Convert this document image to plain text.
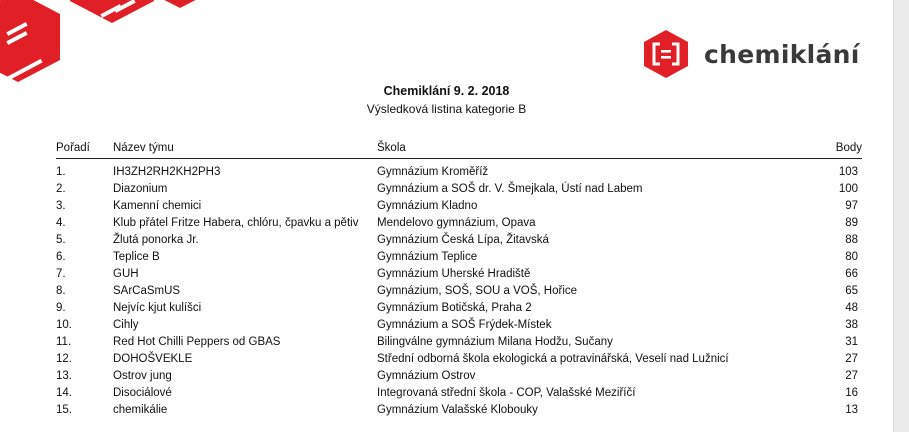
chemiklání
Chemiklání 9. 2. 2018
Výsledková listina kategorie B
Pořadí	Název týmu	Škola	Body
1.	IH3ZH2RH2KH2PH3	Gymnázium Kroměříž	103
2.	Diazonium	Gymnázium a SOŠ dr. V. Šmejkala, Ústí nad Labem	100
3.	Kamenní chemici	Gymnázium Kladno	97
4.	Klub přátel Fritze Habera, chlóru, čpavku a pětiv	Mendelovo gymnázium, Opava	89
5.	Žlutá ponorka Jr.	Gymnázium Česká Lípa, Žitavská	88
6.	Teplice B	Gymnázium Teplice	80
7.	GUH	Gymnázium Uherské Hradiště	66
8.	SArCaSmUS	Gymnázium, SOŠ, SOU a VOŠ, Hořice	65
9.	Nejvíc kjut kulíšci	Gymnázium Botičská, Praha 2	48
10.	Cihly	Gymnázium a SOŠ Frýdek-Místek	38
11.	Red Hot Chilli Peppers od GBAS	Bilingválne gymnázium Milana Hodžu, Sučany	31
12.	DOHOŠVEKLE	Střední odborná škola ekologická a potravinářská, Veselí nad Lužnicí	27
13.	Ostrov jung	Gymnázium Ostrov	27
14.	Disociálové	Integrovaná střední škola - COP, Valašské Meziříčí	16
15.	chemikálie	Gymnázium Valašské Klobouky	13
